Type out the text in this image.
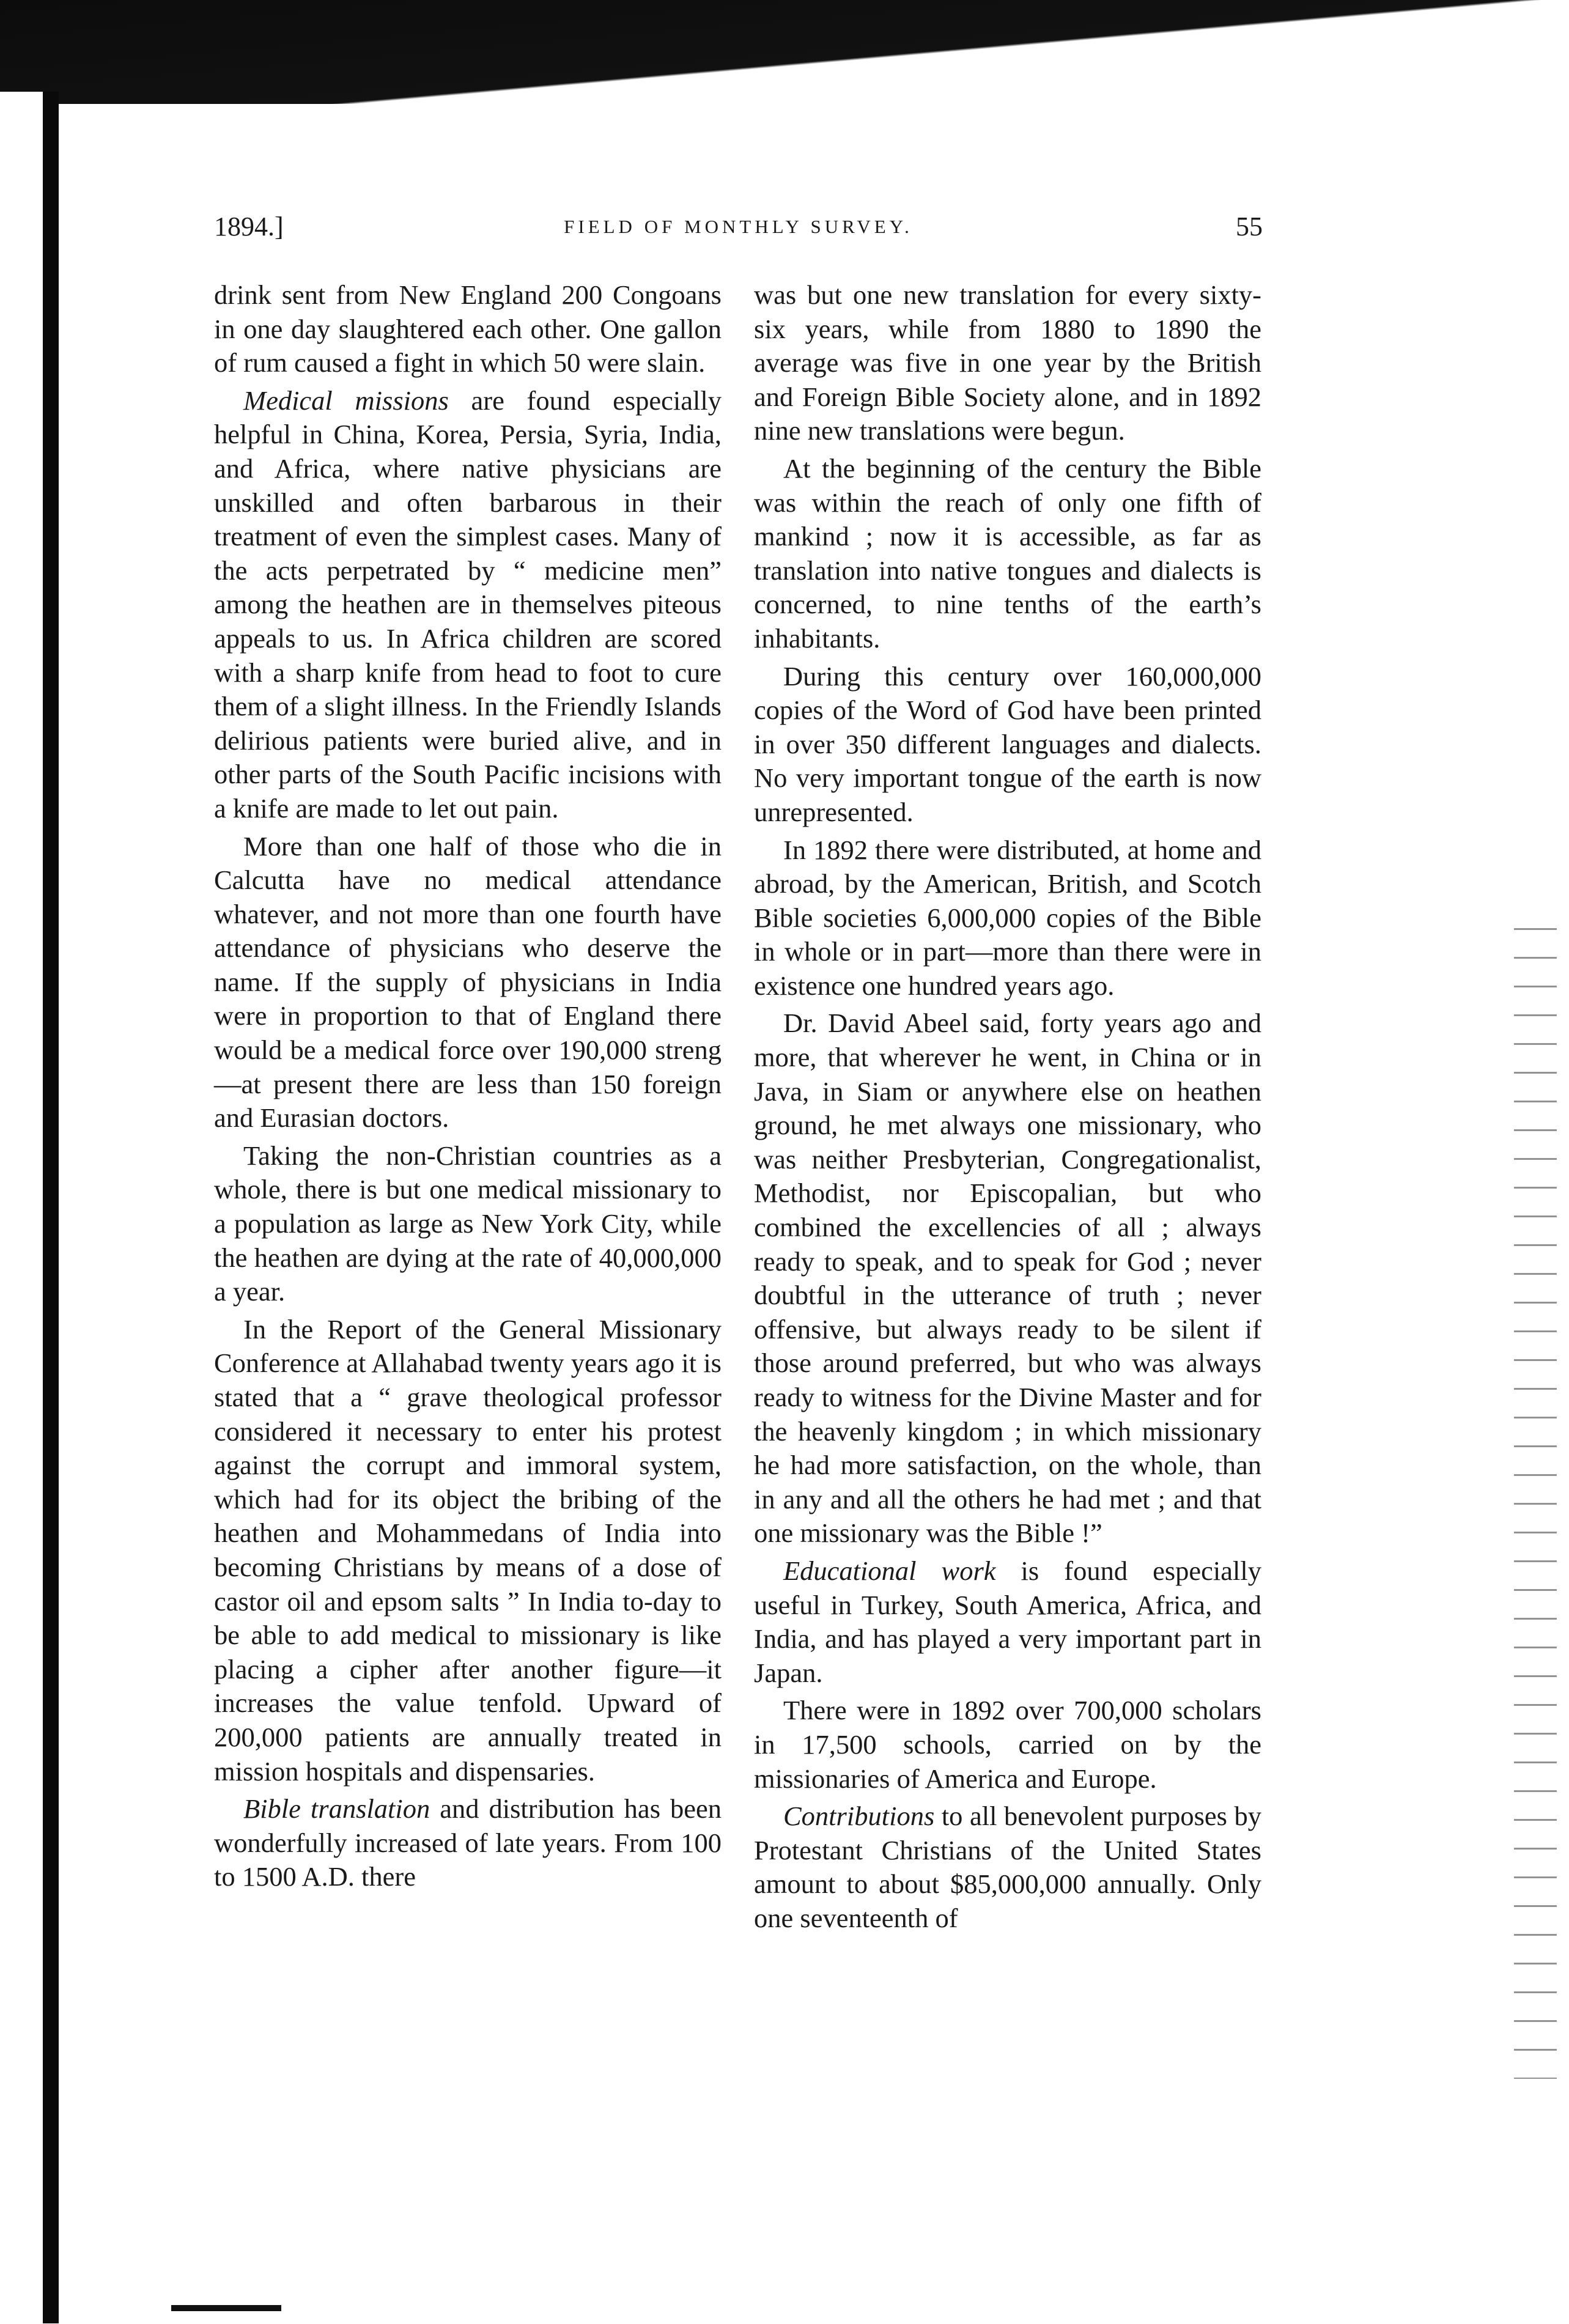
1894.]	FIELD OF MONTHLY SURVEY.	55

drink sent from New England 200 Congoans in one day slaughtered each other. One gallon of rum caused a fight in which 50 were slain.

Medical missions are found especially helpful in China, Korea, Persia, Syria, India, and Africa, where native physicians are unskilled and often barbarous in their treatment of even the simplest cases. Many of the acts perpetrated by “ medicine men” among the heathen are in themselves piteous appeals to us. In Africa children are scored with a sharp knife from head to foot to cure them of a slight illness. In the Friendly Islands delirious patients were buried alive, and in other parts of the South Pacific incisions with a knife are made to let out pain.

More than one half of those who die in Calcutta have no medical attendance whatever, and not more than one fourth have attendance of physicians who deserve the name. If the supply of physicians in India were in proportion to that of England there would be a medical force over 190,000 streng—at present there are less than 150 foreign and Eurasian doctors.

Taking the non-Christian countries as a whole, there is but one medical missionary to a population as large as New York City, while the heathen are dying at the rate of 40,000,000 a year.

In the Report of the General Missionary Conference at Allahabad twenty years ago it is stated that a “ grave theological professor considered it necessary to enter his protest against the corrupt and immoral system, which had for its object the bribing of the heathen and Mohammedans of India into becoming Christians by means of a dose of castor oil and epsom salts ” In India to-day to be able to add medical to missionary is like placing a cipher after another figure—it increases the value tenfold. Upward of 200,000 patients are annually treated in mission hospitals and dispensaries.

Bible translation and distribution has been wonderfully increased of late years. From 100 to 1500 A.D. there

was but one new translation for every sixty-six years, while from 1880 to 1890 the average was five in one year by the British and Foreign Bible Society alone, and in 1892 nine new translations were begun.

At the beginning of the century the Bible was within the reach of only one fifth of mankind ; now it is accessible, as far as translation into native tongues and dialects is concerned, to nine tenths of the earth’s inhabitants.

During this century over 160,000,000 copies of the Word of God have been printed in over 350 different languages and dialects. No very important tongue of the earth is now unrepresented.

In 1892 there were distributed, at home and abroad, by the American, British, and Scotch Bible societies 6,000,000 copies of the Bible in whole or in part—more than there were in existence one hundred years ago.

Dr. David Abeel said, forty years ago and more, that wherever he went, in China or in Java, in Siam or anywhere else on heathen ground, he met always one missionary, who was neither Presbyterian, Congregationalist, Methodist, nor Episcopalian, but who combined the excellencies of all ; always ready to speak, and to speak for God ; never doubtful in the utterance of truth ; never offensive, but always ready to be silent if those around preferred, but who was always ready to witness for the Divine Master and for the heavenly kingdom ; in which missionary he had more satisfaction, on the whole, than in any and all the others he had met ; and that one missionary was the Bible !”

Educational work is found especially useful in Turkey, South America, Africa, and India, and has played a very important part in Japan.

There were in 1892 over 700,000 scholars in 17,500 schools, carried on by the missionaries of America and Europe.

Contributions to all benevolent purposes by Protestant Christians of the United States amount to about $85,000,000 annually. Only one seventeenth of
